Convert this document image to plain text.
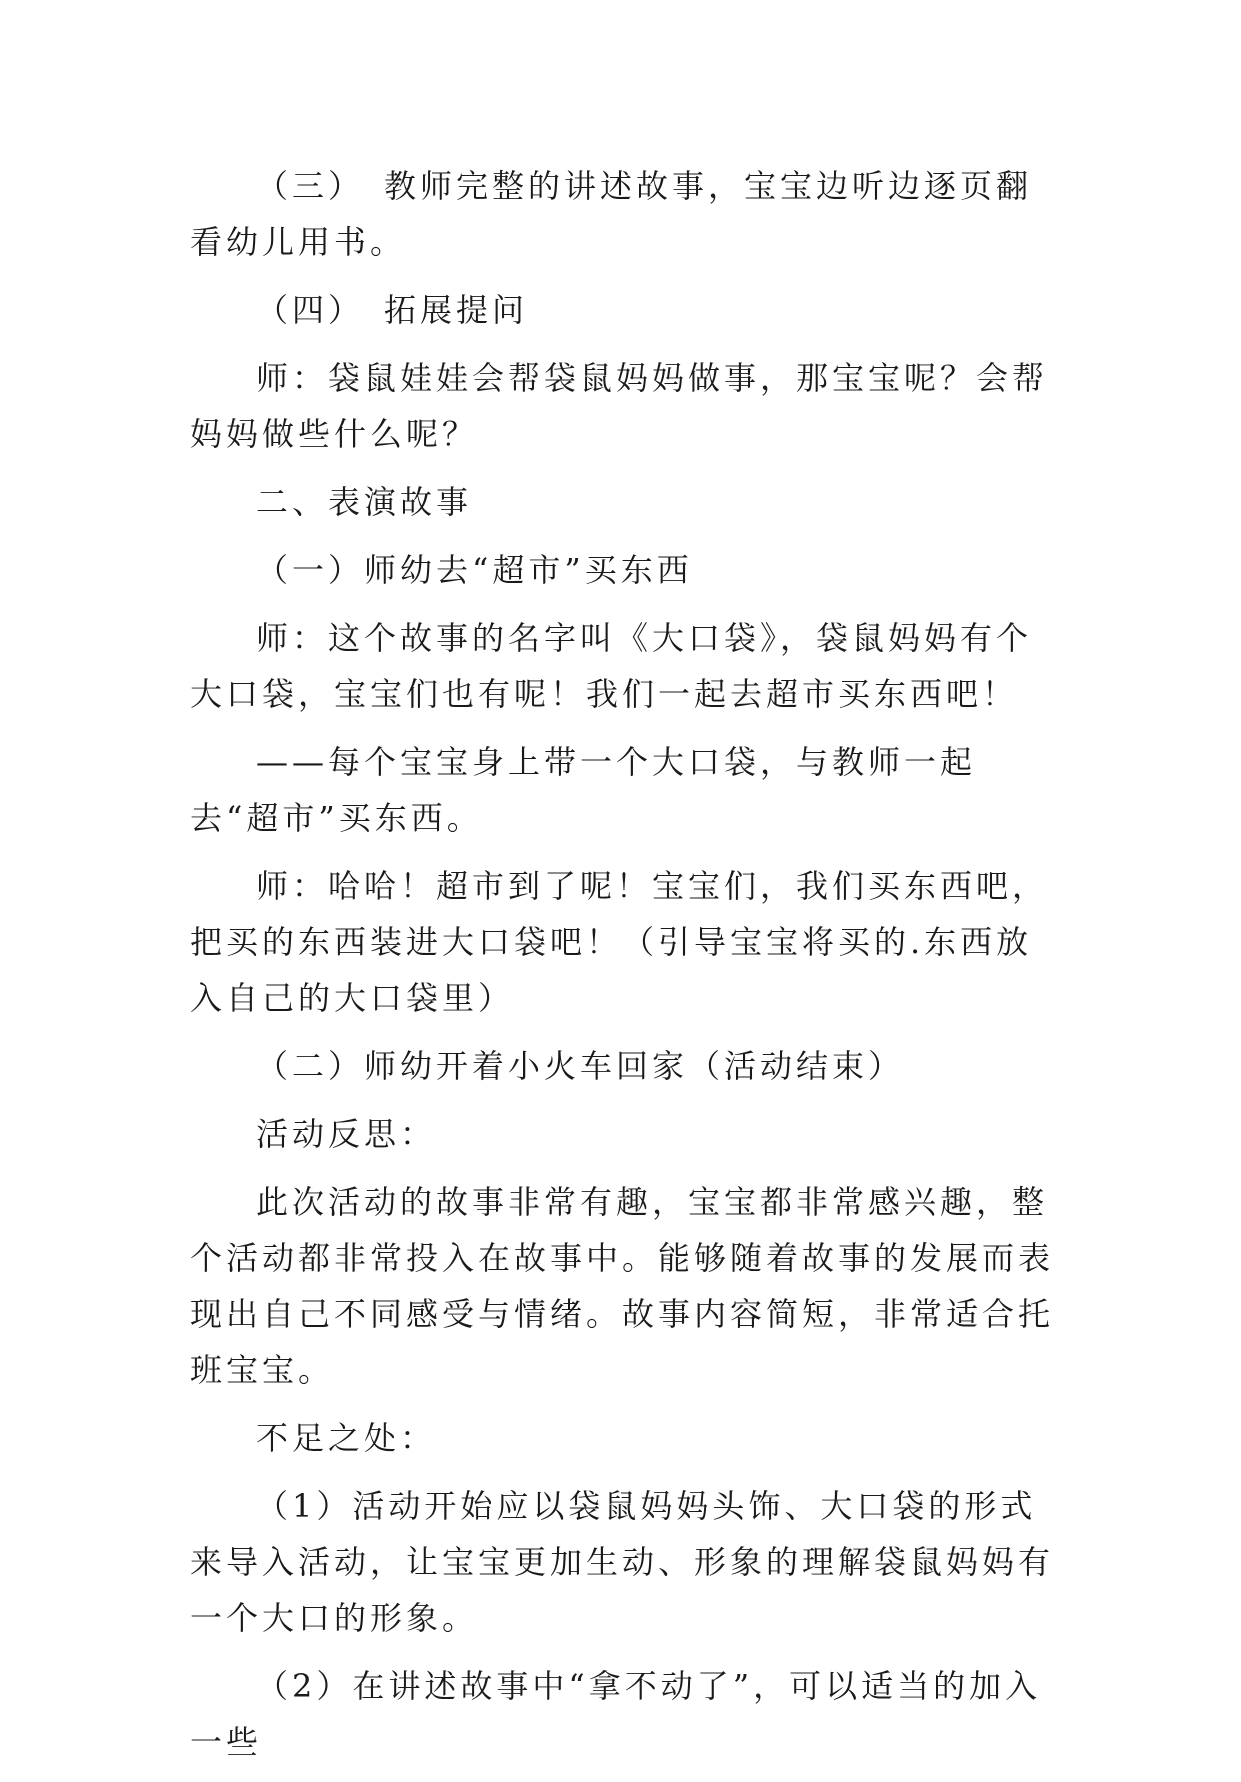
（三）　教师完整的讲述故事，宝宝边听边逐页翻看幼儿用书。

（四）　拓展提问

师：袋鼠娃娃会帮袋鼠妈妈做事，那宝宝呢？会帮妈妈做些什么呢？

二、表演故事

（一）师幼去“超市”买东西

师：这个故事的名字叫《大口袋》，袋鼠妈妈有个大口袋，宝宝们也有呢！我们一起去超市买东西吧！

——每个宝宝身上带一个大口袋，与教师一起去“超市”买东西。

师：哈哈！超市到了呢！宝宝们，我们买东西吧，把买的东西装进大口袋吧！（引导宝宝将买的.东西放入自己的大口袋里）

（二）师幼开着小火车回家（活动结束）

活动反思：

此次活动的故事非常有趣，宝宝都非常感兴趣，整个活动都非常投入在故事中。能够随着故事的发展而表现出自己不同感受与情绪。故事内容简短，非常适合托班宝宝。

不足之处：

（1）活动开始应以袋鼠妈妈头饰、大口袋的形式来导入活动，让宝宝更加生动、形象的理解袋鼠妈妈有一个大口的形象。

（2）在讲述故事中“拿不动了”，可以适当的加入一些
